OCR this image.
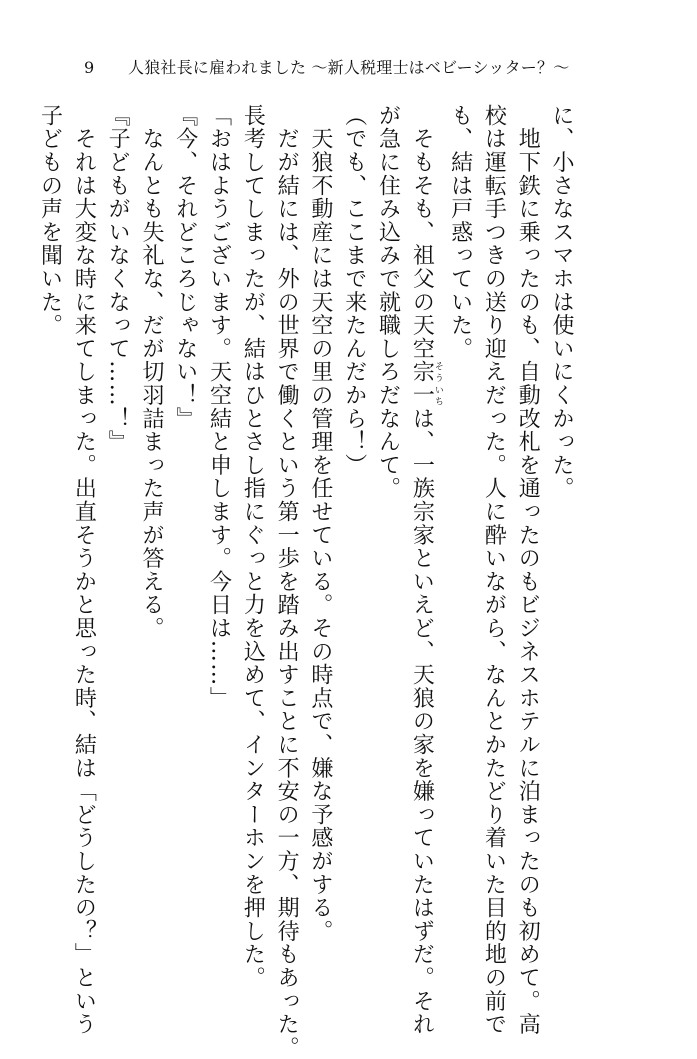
9 人狼社長に雇われました 〜新人税理士はベビーシッター？〜
に、小さなスマホは使いにくかった。
　地下鉄に乗ったのも、自動改札を通ったのもビジネスホテルに泊まったのも初めて。高
校は運転手つきの送り迎えだった。人に酔いながら、なんとかたどり着いた目的地の前で
も、結は戸惑っていた。
　そもそも、祖父の天空宗一そういちは、一族宗家といえど、天狼の家を嫌っていたはずだ。それ
が急に住み込みで就職しろだなんて。
（でも、ここまで来たんだから！）
　天狼不動産には天空の里の管理を任せている。その時点で、嫌な予感がする。
　だが結には、外の世界で働くという第一歩を踏み出すことに不安の一方、期待もあった。
長考してしまったが、結はひとさし指にぐっと力を込めて、インターホンを押した。
「おはようございます。天空結と申します。今日は……」
『今、それどころじゃない！』
　なんとも失礼な、だが切羽詰まった声が答える。
『子どもがいなくなって……！』
　それは大変な時に来てしまった。出直そうかと思った時、結は「どうしたの？」という
子どもの声を聞いた。
